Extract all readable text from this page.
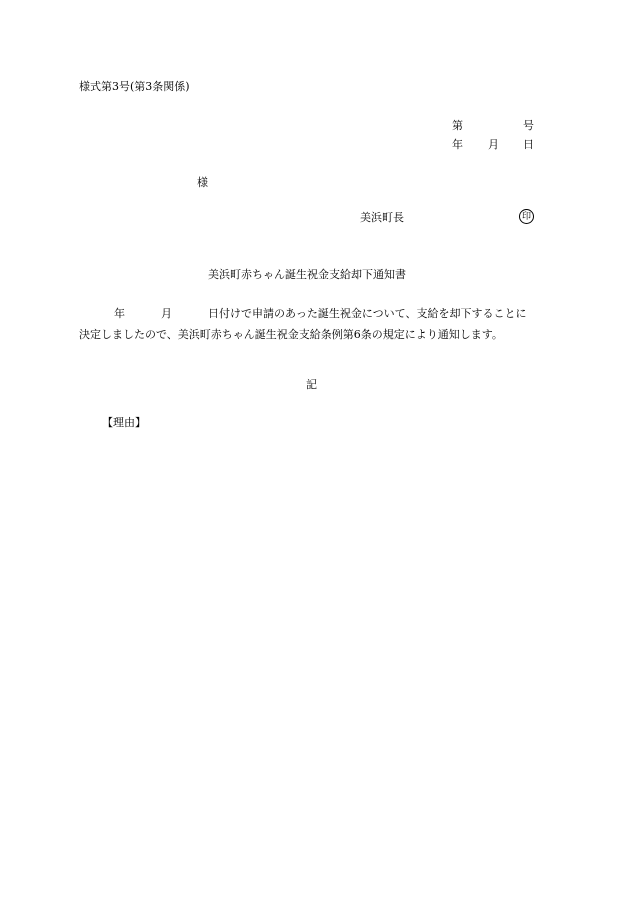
様式第3号(第3条関係)
第	号
年 月 日
様
美浜町長	印
美浜町赤ちゃん誕生祝金支給却下通知書
年	月	日付けで申請のあった誕生祝金について、支給を却下することに
決定しましたので、美浜町赤ちゃん誕生祝金支給条例第6条の規定により通知します。
記
【理由】
